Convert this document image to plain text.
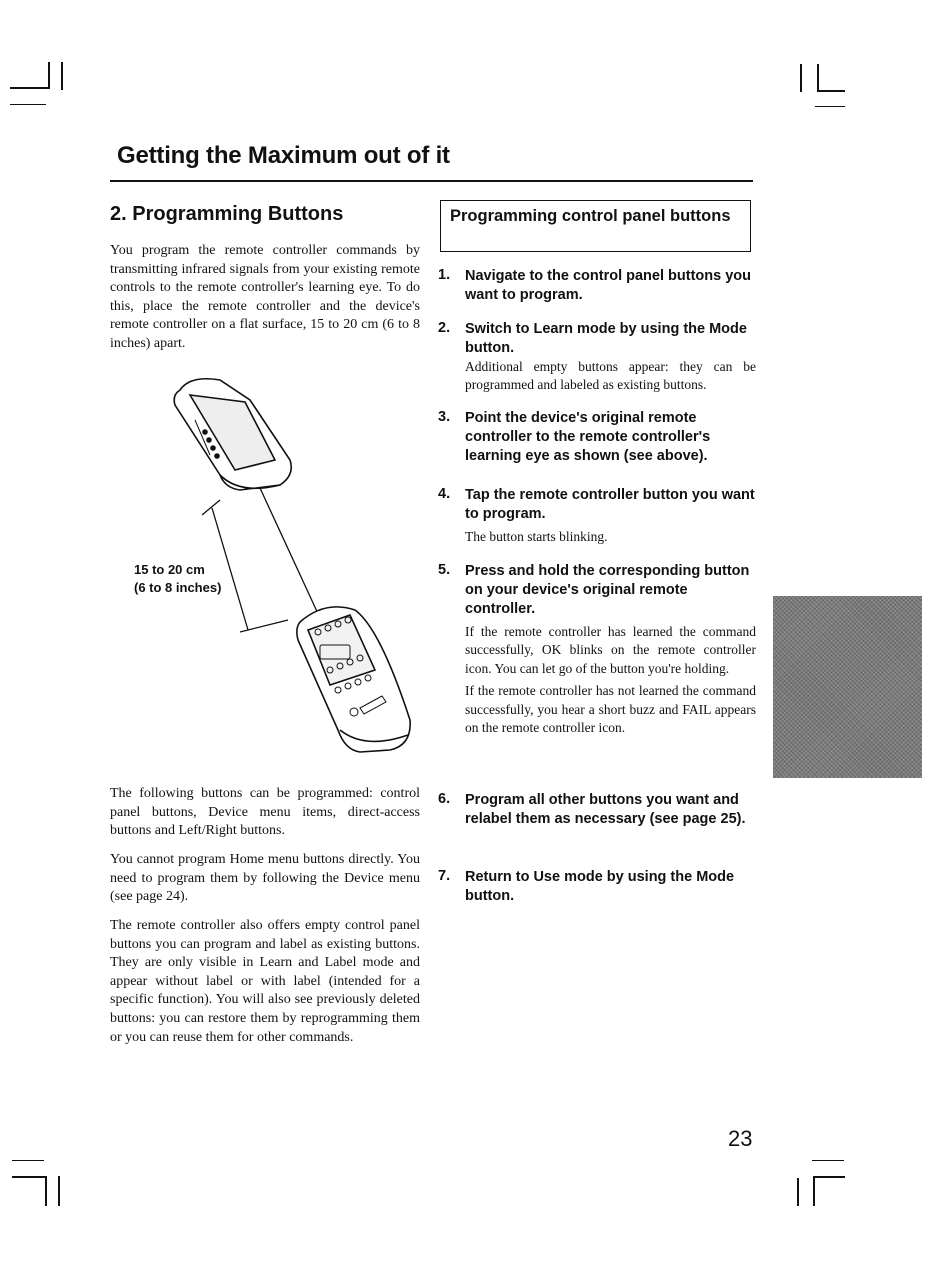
Getting the Maximum out of it
2. Programming Buttons

You program the remote controller commands by transmitting infrared signals from your existing remote controls to the remote controller's learning eye. To do this, place the remote controller and the device's remote controller on a flat surface, 15 to 20 cm (6 to 8 inches) apart.

15 to 20 cm
(6 to 8 inches)

The following buttons can be programmed: control panel buttons, Device menu items, direct-access buttons and Left/Right buttons.

You cannot program Home menu buttons directly. You need to program them by following the Device menu (see page 24).

The remote controller also offers empty control panel buttons you can program and label as existing buttons. They are only visible in Learn and Label mode and appear without label or with label (intended for a specific function). You will also see previously deleted buttons: you can restore them by reprogramming them or you can reuse them for other commands.

Programming control panel buttons
1. Navigate to the control panel buttons you want to program.
2. Switch to Learn mode by using the Mode button.

Additional empty buttons appear: they can be programmed and labeled as existing buttons.

3. Point the device's original remote controller to the remote controller's learning eye as shown (see above).
4. Tap the remote controller button you want to program.

The button starts blinking.

5. Press and hold the corresponding button on your device's original remote controller.

If the remote controller has learned the command successfully, OK blinks on the remote controller icon. You can let go of the button you're holding.

If the remote controller has not learned the command successfully, you hear a short buzz and FAIL appears on the remote controller icon.

6. Program all other buttons you want and relabel them as necessary (see page 25).
7. Return to Use mode by using the Mode button.
23
